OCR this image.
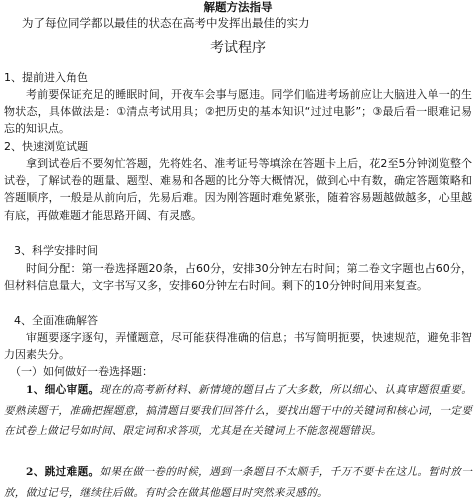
解题方法指导
为了每位同学都以最佳的状态在高考中发挥出最佳的实力
考试程序
1、提前进入角色
考前要保证充足的睡眠时间，开夜车会事与愿违。同学们临进考场前应让大脑进入单一的生物状态，具体做法是：①清点考试用具；②把历史的基本知识“过过电影”；③最后看一眼难记易忘的知识点。
2、快速浏览试题
拿到试卷后不要匆忙答题，先将姓名、准考证号等填涂在答题卡上后，花2至5分钟浏览整个试卷，了解试卷的题量、题型、难易和各题的比分等大概情况，做到心中有数，确定答题策略和答题顺序，一般是从前向后，先易后难。因为刚答题时难免紧张，随着容易题越做越多，心里越有底，再做难题才能思路开阔、有灵感。
3、科学安排时间
时间分配：第一卷选择题20条，占60分，安排30分钟左右时间；第二卷文字题也占60分，但材料信息量大，文字书写又多，安排60分钟左右时间。剩下的10分钟时间用来复查。
4、全面准确解答
审题要逐字逐句，弄懂题意，尽可能获得准确的信息；书写简明扼要，快速规范，避免非智力因素失分。
（一）如何做好一卷选择题：
1、细心审题。现在的高考新材料、新情境的题目占了大多数，所以细心、认真审题很重要。要熟读题干，准确把握题意，搞清题目要我们回答什么，要找出题干中的关键词和核心词，一定要在试卷上做记号如时间、限定词和求答项，尤其是在关键词上不能忽视题错误。
2、跳过难题。如果在做一卷的时候，遇到一条题目不太顺手，千万不要卡在这儿。暂时放一放，做过记号，继续往后做。有时会在做其他题目时突然来灵感的。
